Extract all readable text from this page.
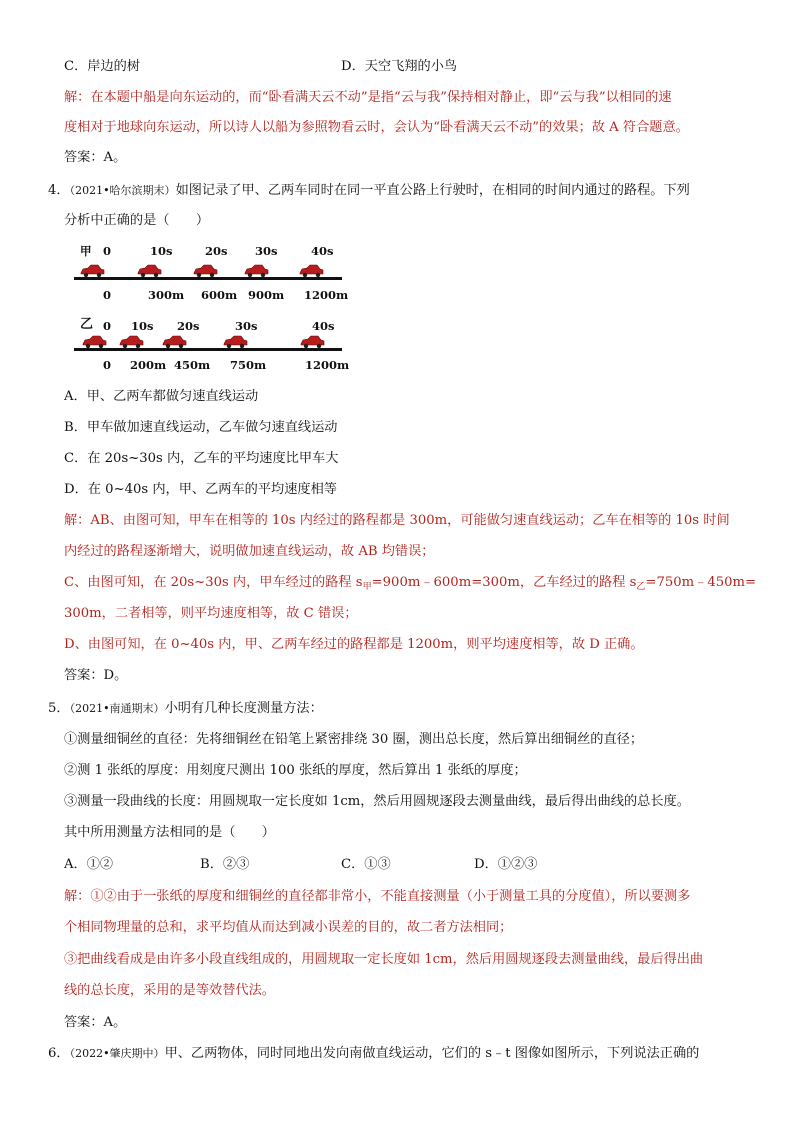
C．岸边的树	D．天空飞翔的小鸟
解：在本题中船是向东运动的，而“卧看满天云不动”是指“云与我”保持相对静止，即“云与我”以相同的速
度相对于地球向东运动，所以诗人以船为参照物看云时，会认为“卧看满天云不动”的效果；故 A 符合题意。
答案：A。
4．（2021•哈尔滨期末）如图记录了甲、乙两车同时在同一平直公路上行驶时，在相同的时间内通过的路程。下列
分析中正确的是（　　）
甲 0	10s	20s 30s	40s
0	300m 600m 900m 1200m
乙 0 10s 20s	30s	40s
0 200m 450m 750m	1200m
A．甲、乙两车都做匀速直线运动
B．甲车做加速直线运动，乙车做匀速直线运动
C．在 20s~30s 内，乙车的平均速度比甲车大
D．在 0~40s 内，甲、乙两车的平均速度相等
解：AB、由图可知，甲车在相等的 10s 内经过的路程都是 300m，可能做匀速直线运动；乙车在相等的 10s 时间
内经过的路程逐渐增大，说明做加速直线运动，故 AB 均错误；
C、由图可知，在 20s~30s 内，甲车经过的路程 $s_甲=900m﹣600m=300m$，乙车经过的路程 $s_乙=750m﹣450m=$
300m，二者相等，则平均速度相等，故 C 错误；
D、由图可知，在 0~40s 内，甲、乙两车经过的路程都是 1200m，则平均速度相等，故 D 正确。
答案：D。
5．（2021•南通期末）小明有几种长度测量方法：
①测量细铜丝的直径：先将细铜丝在铅笔上紧密排绕 30 圈，测出总长度，然后算出细铜丝的直径；
②测 1 张纸的厚度：用刻度尺测出 100 张纸的厚度，然后算出 1 张纸的厚度；
③测量一段曲线的长度：用圆规取一定长度如 1cm，然后用圆规逐段去测量曲线，最后得出曲线的总长度。
其中所用测量方法相同的是（　　）
A．①②	B．②③	C．①③	D．①②③
解：①②由于一张纸的厚度和细铜丝的直径都非常小，不能直接测量（小于测量工具的分度值），所以要测多
个相同物理量的总和，求平均值从而达到减小误差的目的，故二者方法相同；
③把曲线看成是由许多小段直线组成的，用圆规取一定长度如 1cm，然后用圆规逐段去测量曲线，最后得出曲
线的总长度，采用的是等效替代法。
答案：A。
6．（2022•肇庆期中）甲、乙两物体，同时同地出发向南做直线运动，它们的 s﹣t 图像如图所示，下列说法正确的
